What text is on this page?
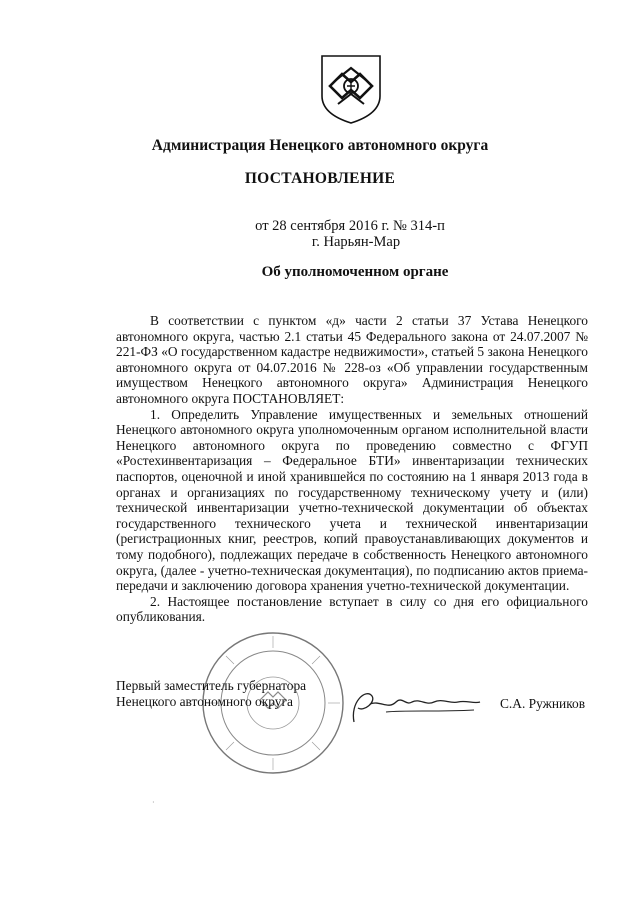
Администрация Ненецкого автономного округа
ПОСТАНОВЛЕНИЕ
от 28 сентября 2016 г. № 314-п
г. Нарьян-Мар
Об уполномоченном органе

В соответствии с пунктом «д» части 2 статьи 37 Устава Ненецкого автономного округа, частью 2.1 статьи 45 Федерального закона от 24.07.2007 № 221-ФЗ «О государственном кадастре недвижимости», статьей 5 закона Ненецкого автономного округа от 04.07.2016 № 228-оз «Об управлении государственным имуществом Ненецкого автономного округа» Администрация Ненецкого автономного округа ПОСТАНОВЛЯЕТ:

1. Определить Управление имущественных и земельных отношений Ненецкого автономного округа уполномоченным органом исполнительной власти Ненецкого автономного округа по проведению совместно с ФГУП «Ростехинвентаризация – Федеральное БТИ» инвентаризации технических паспортов, оценочной и иной хранившейся по состоянию на 1 января 2013 года в органах и организациях по государственному техническому учету и (или) технической инвентаризации учетно-технической документации об объектах государственного технического учета и технической инвентаризации (регистрационных книг, реестров, копий правоустанавливающих документов и тому подобного), подлежащих передаче в собственность Ненецкого автономного округа, (далее - учетно-техническая документация), по подписанию актов приема-передачи и заключению договора хранения учетно-технической документации.

2. Настоящее постановление вступает в силу со дня его официального опубликования.

Первый заместитель губернатора
Ненецкого автономного округа	С.А. Ружников
·
